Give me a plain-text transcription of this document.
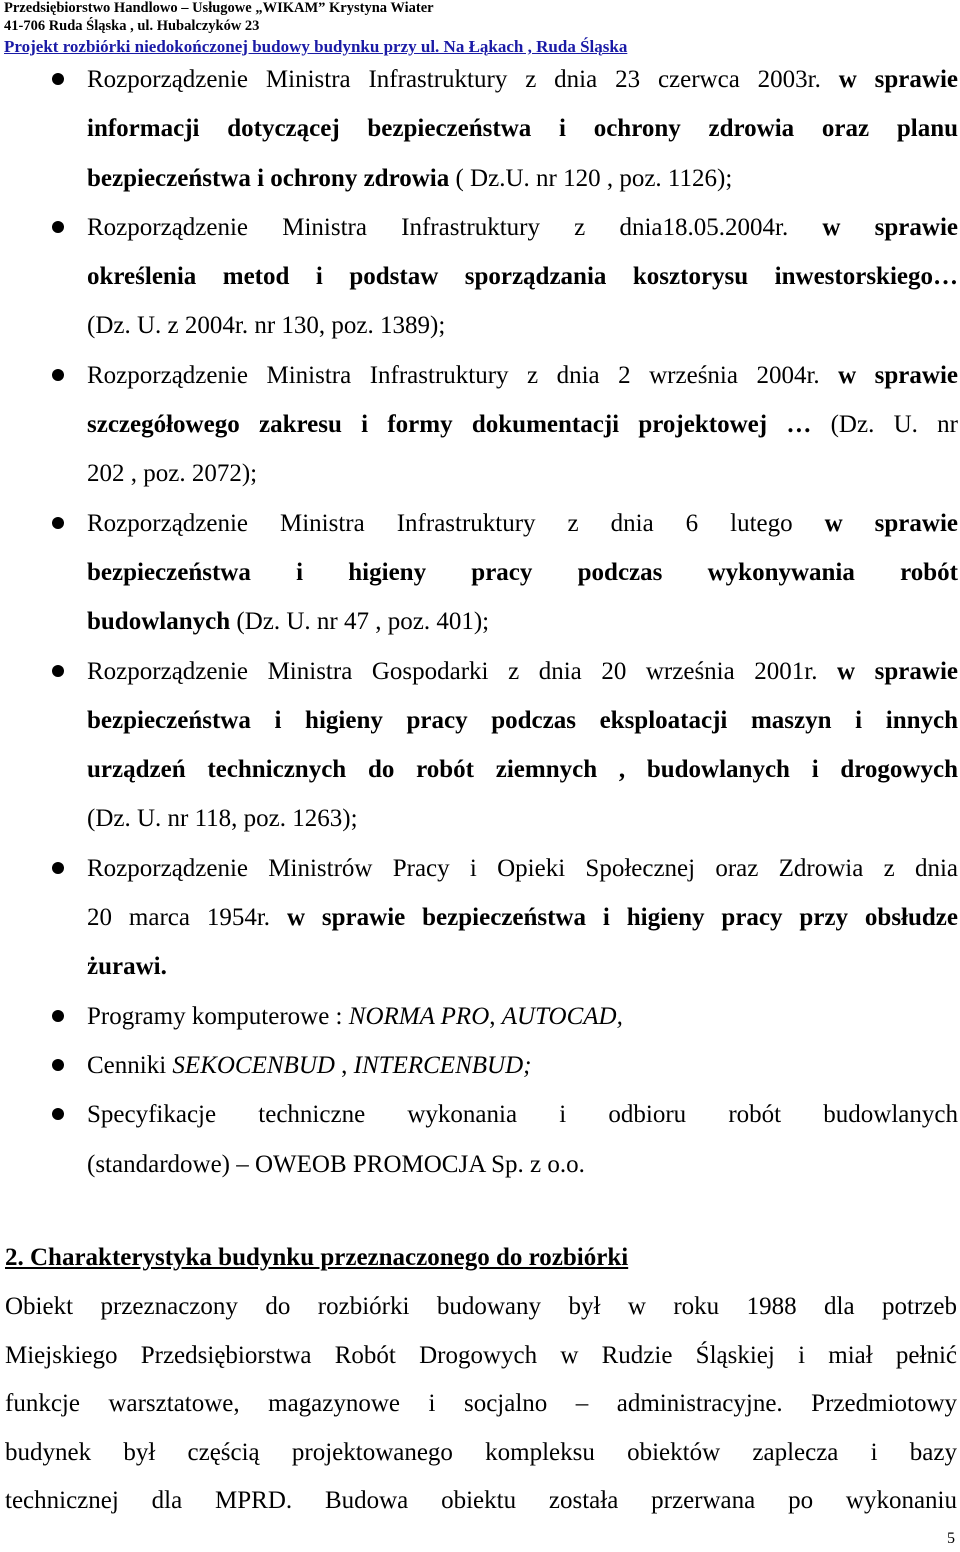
Przedsiębiorstwo Handlowo – Usługowe „WIKAM” Krystyna Wiater
41-706 Ruda Śląska , ul. Hubalczyków 23
Projekt rozbiórki niedokończonej budowy budynku przy ul. Na Łąkach , Ruda Śląska
Rozporządzenie Ministra Infrastruktury z dnia 23 czerwca 2003r. w sprawie
informacji dotyczącej bezpieczeństwa i ochrony zdrowia oraz planu
bezpieczeństwa i ochrony zdrowia ( Dz.U. nr 120 , poz. 1126);
Rozporządzenie Ministra Infrastruktury z dnia18.05.2004r. w sprawie
określenia metod i podstaw sporządzania kosztorysu inwestorskiego…
(Dz. U. z 2004r. nr 130, poz. 1389);
Rozporządzenie Ministra Infrastruktury z dnia 2 września 2004r. w sprawie
szczegółowego zakresu i formy dokumentacji projektowej … (Dz. U. nr
202 , poz. 2072);
Rozporządzenie Ministra Infrastruktury z dnia 6 lutego w sprawie
bezpieczeństwa i higieny pracy podczas wykonywania robót
budowlanych (Dz. U. nr 47 , poz. 401);
Rozporządzenie Ministra Gospodarki z dnia 20 września 2001r. w sprawie
bezpieczeństwa i higieny pracy podczas eksploatacji maszyn i innych
urządzeń technicznych do robót ziemnych , budowlanych i drogowych
(Dz. U. nr 118, poz. 1263);
Rozporządzenie Ministrów Pracy i Opieki Społecznej oraz Zdrowia z dnia
20 marca 1954r. w sprawie bezpieczeństwa i higieny pracy przy obsłudze
żurawi.
Programy komputerowe : NORMA PRO, AUTOCAD,
Cenniki SEKOCENBUD , INTERCENBUD;
Specyfikacje techniczne wykonania i odbioru robót budowlanych
(standardowe) – OWEOB PROMOCJA Sp. z o.o.
2. Charakterystyka budynku przeznaczonego do rozbiórki
Obiekt przeznaczony do rozbiórki budowany był w roku 1988 dla potrzeb
Miejskiego Przedsiębiorstwa Robót Drogowych w Rudzie Śląskiej i miał pełnić
funkcje warsztatowe, magazynowe i socjalno – administracyjne. Przedmiotowy
budynek był częścią projektowanego kompleksu obiektów zaplecza i bazy
technicznej dla MPRD. Budowa obiektu została przerwana po wykonaniu
5
